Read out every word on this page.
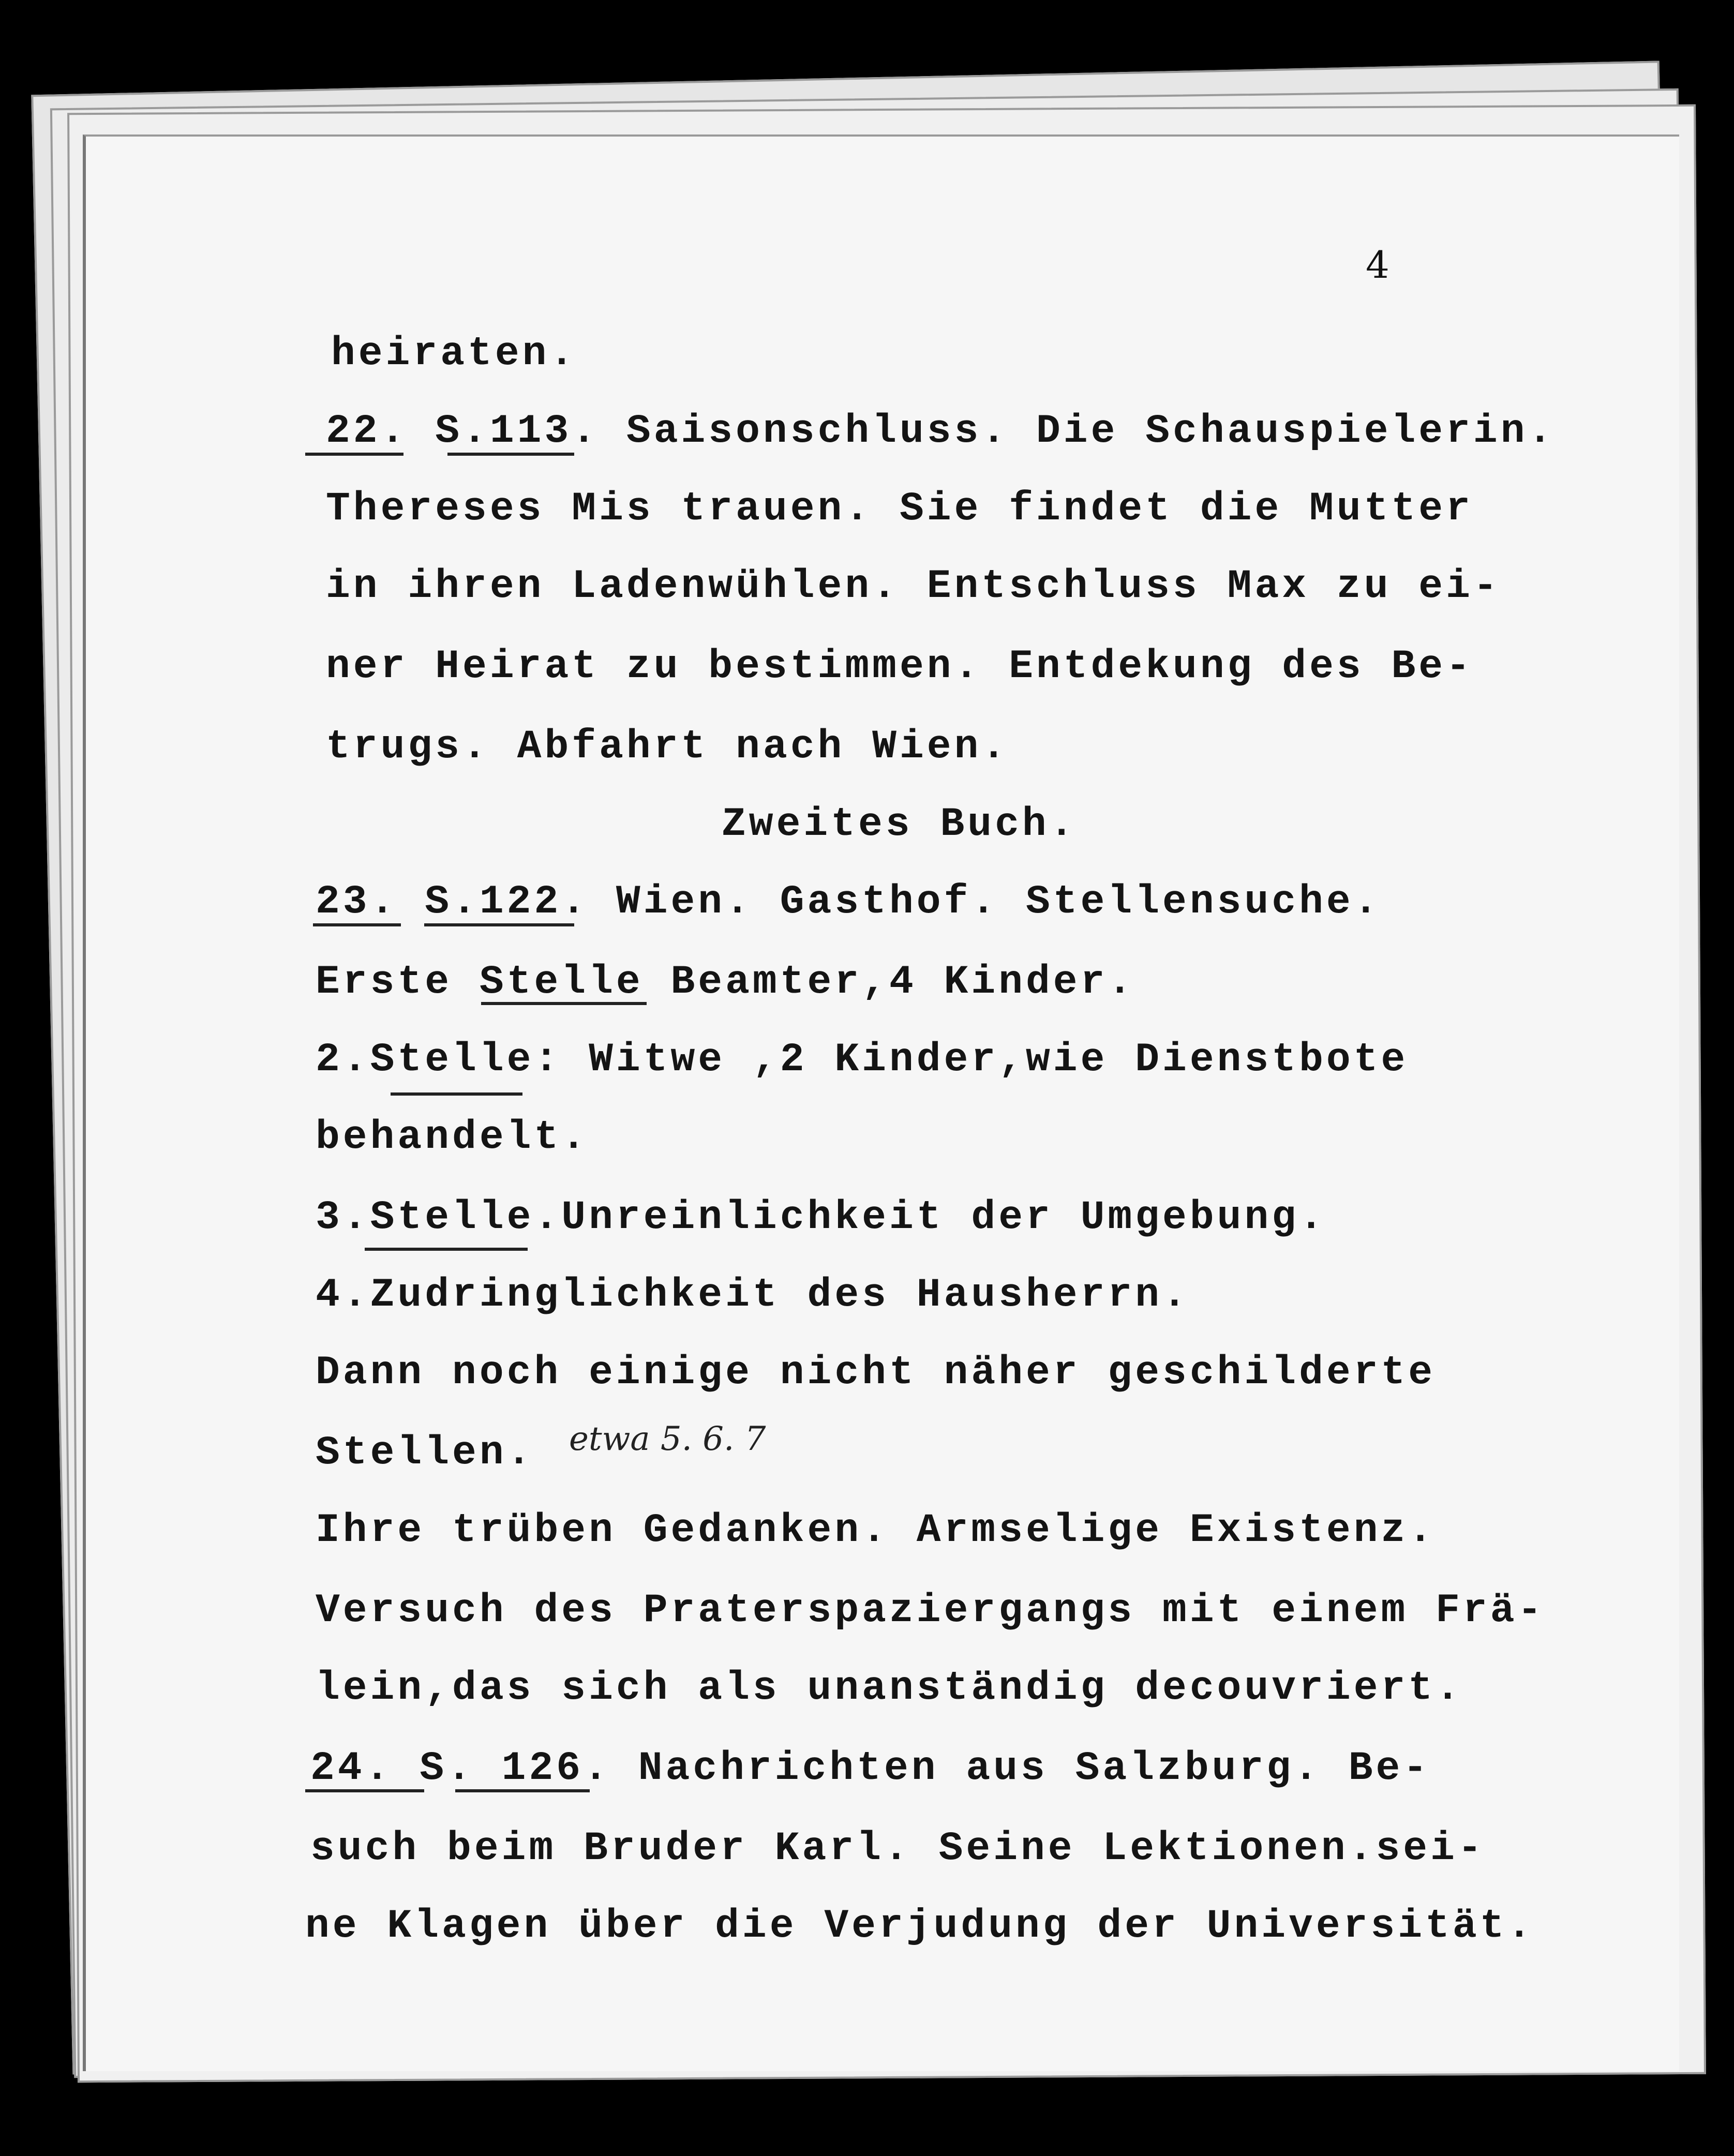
4
heiraten.
22. S.113. Saisonschluss. Die Schauspielerin.
Thereses Mis trauen. Sie findet die Mutter
in ihren Ladenwühlen. Entschluss Max zu ei-
ner Heirat zu bestimmen. Entdekung des Be-
trugs. Abfahrt nach Wien.
Zweites Buch.
23. S.122. Wien. Gasthof. Stellensuche.
Erste Stelle Beamter,4 Kinder.
2.Stelle: Witwe ,2 Kinder,wie Dienstbote
behandelt.
3.Stelle.Unreinlichkeit der Umgebung.
4.Zudringlichkeit des Hausherrn.
Dann noch einige nicht näher geschilderte
Stellen. etwa 5. 6. 7
Ihre trüben Gedanken. Armselige Existenz.
Versuch des Praterspaziergangs mit einem Frä-
lein,das sich als unanständig decouvriert.
24. S. 126. Nachrichten aus Salzburg. Be-
such beim Bruder Karl. Seine Lektionen.sei-
ne Klagen über die Verjudung der Universität.
